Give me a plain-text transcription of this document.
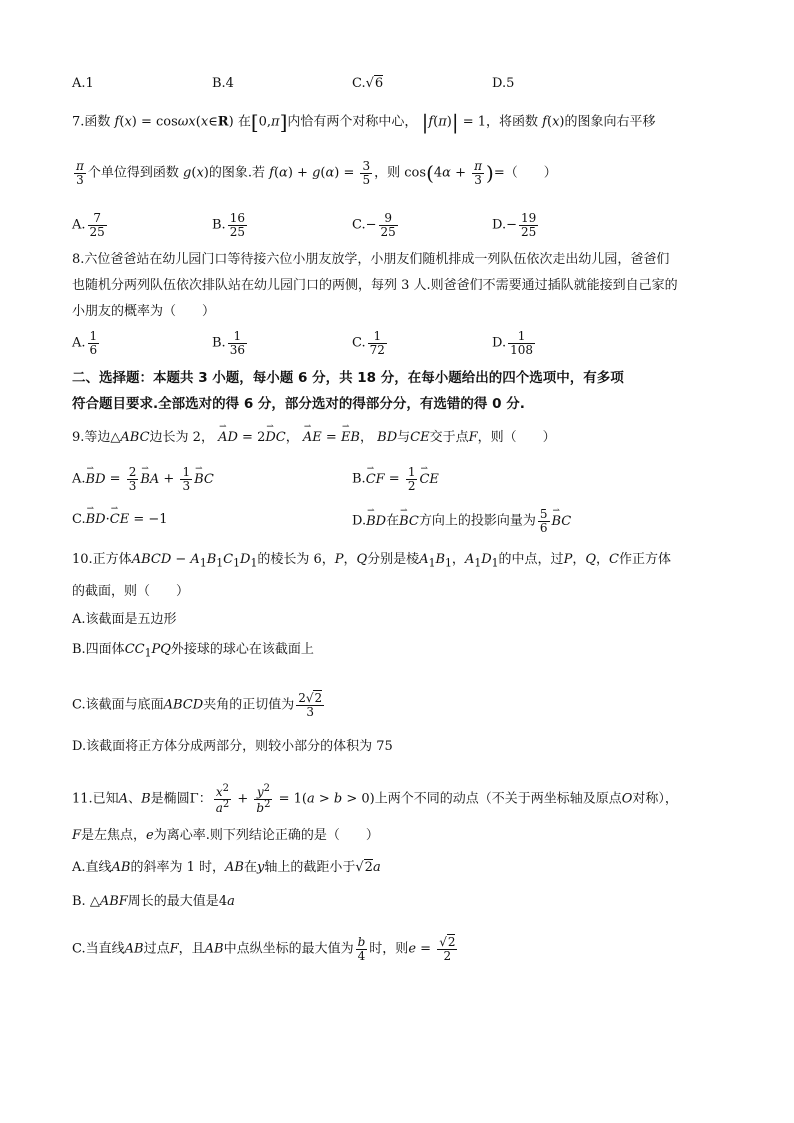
A.1	B.4	C.√6	D.5
7.函数 f(x) = cosωx(x∈R) 在[0,π]内恰有两个对称中心， |f(π)| = 1，将函数 f(x)的图象向右平移
$\frac{\pi}{3}$ 个单位得到函数 g(x)的图象.若 $f(\alpha) + g(\alpha) = \frac{3}{5}$ ，则 $\cos(4\alpha + \frac{\pi}{3}$ )=（　　）
A. $\frac{7}{25}$	B. $\frac{16}{25}$	$C.- \frac{9}{25}$	$D.- \frac{19}{25}$
8.六位爸爸站在幼儿园门口等待接六位小朋友放学，小朋友们随机排成一列队伍依次走出幼儿园，爸爸们
也随机分两列队伍依次排队站在幼儿园门口的两侧，每列 3 人.则爸爸们不需要通过插队就能接到自己家的
小朋友的概率为（　　）
A. $\frac{1}{6}$	B. $\frac{1}{36}$	C. $\frac{1}{72}$	D. $\frac{1}{108}$
二、选择题：本题共 3 小题，每小题 6 分，共 18 分，在每小题给出的四个选项中，有多项
符合题目要求.全部选对的得 6 分，部分选对的得部分分，有选错的得 0 分.
9.等边△ABC边长为 2， ⇀ AD = 2⇀ DC， ⇀ AE = ⇀ EB， BD与CE交于点F，则（　　）
A.⇀ BD = $\frac{2}{3}$ ⇀ BA + $\frac{1}{3}$ ⇀ BC	B.⇀ CF = $\frac{1}{2}$ ⇀ CE
C.⇀ BD·⇀ CE = −1	D.⇀ BD在⇀ BC方向上的投影向量为 $\frac{5}{6}$ ⇀ BC
10.正方体ABCD − $A_1B_1C_1D_1$的棱长为 6，P，Q分别是棱$A_1B_1$，$A_1D_1$的中点，过P，Q，C作正方体
的截面，则（　　）
A.该截面是五边形
B.四面体$CC_1PQ$外接球的球心在该截面上
C.该截面与底面ABCD夹角的正切值为 $\frac{2√2}{3}$
D.该截面将正方体分成两部分，则较小部分的体积为 75
11.已知A、B是椭圆Γ： $\frac{x^2}{a^2} + \frac{y^2}{b^2} = 1(a > b > 0)$上两个不同的动点（不关于两坐标轴及原点O对称），
F是左焦点，e为离心率.则下列结论正确的是（　　）
A.直线AB的斜率为 1 时，AB在y轴上的截距小于√2a
B. △ABF周长的最大值是4a
C.当直线AB过点F，且AB中点纵坐标的最大值为 $\frac{b}{4}$ 时，则$e = \frac{√2}{2}$
